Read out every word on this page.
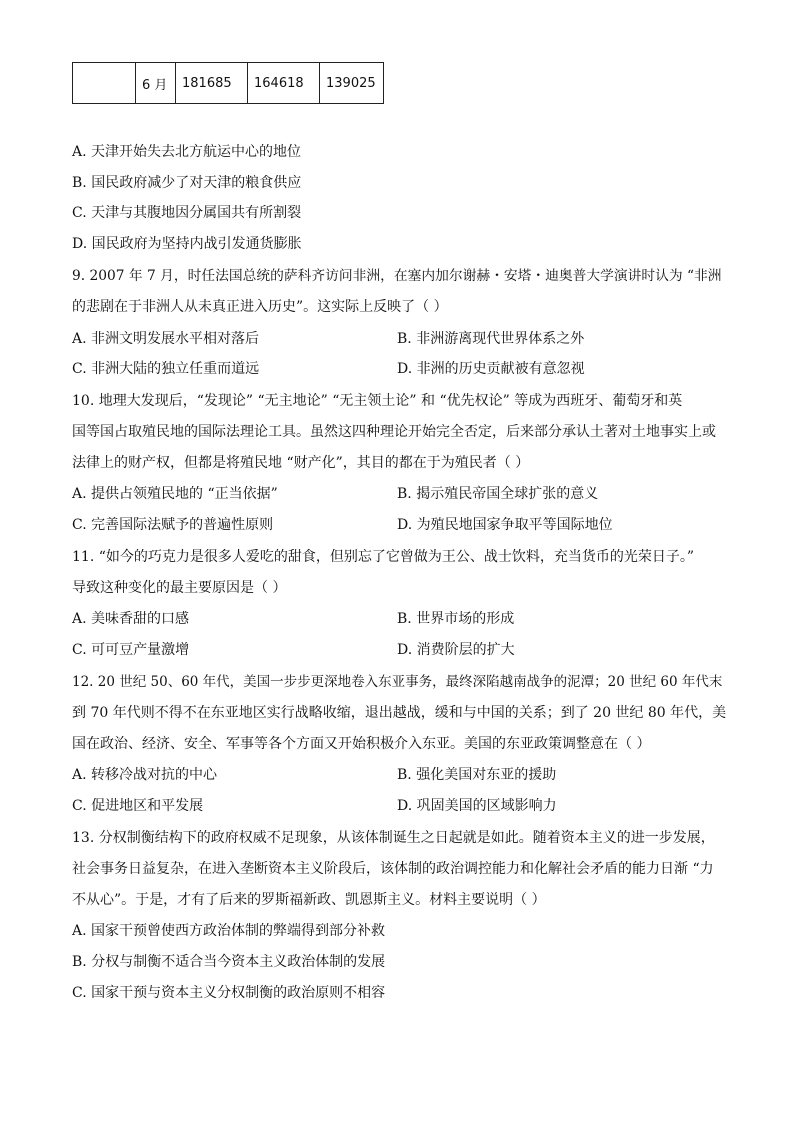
	6 月	181685	164618	139025
A. 天津开始失去北方航运中心的地位
B. 国民政府减少了对天津的粮食供应
C. 天津与其腹地因分属国共有所割裂
D. 国民政府为坚持内战引发通货膨胀
9. 2007 年 7 月，时任法国总统的萨科齐访问非洲，在塞内加尔谢赫・安塔・迪奥普大学演讲时认为 “非洲
的悲剧在于非洲人从未真正进入历史”。这实际上反映了（ ）
A. 非洲文明发展水平相对落后	B. 非洲游离现代世界体系之外
C. 非洲大陆的独立任重而道远	D. 非洲的历史贡献被有意忽视
10. 地理大发现后，“发现论” “无主地论” “无主领土论” 和 “优先权论” 等成为西班牙、葡萄牙和英
国等国占取殖民地的国际法理论工具。虽然这四种理论开始完全否定，后来部分承认土著对土地事实上或
法律上的财产权，但都是将殖民地 “财产化”，其目的都在于为殖民者（ ）
A. 提供占领殖民地的 “正当依据”	B. 揭示殖民帝国全球扩张的意义
C. 完善国际法赋予的普遍性原则	D. 为殖民地国家争取平等国际地位
11. “如今的巧克力是很多人爱吃的甜食，但别忘了它曾做为王公、战士饮料，充当货币的光荣日子。”
导致这种变化的最主要原因是（ ）
A. 美味香甜的口感	B. 世界市场的形成
C. 可可豆产量激增	D. 消费阶层的扩大
12. 20 世纪 50、60 年代，美国一步步更深地卷入东亚事务，最终深陷越南战争的泥潭；20 世纪 60 年代末
到 70 年代则不得不在东亚地区实行战略收缩，退出越战，缓和与中国的关系；到了 20 世纪 80 年代，美
国在政治、经济、安全、军事等各个方面又开始积极介入东亚。美国的东亚政策调整意在（ ）
A. 转移冷战对抗的中心	B. 强化美国对东亚的援助
C. 促进地区和平发展	D. 巩固美国的区域影响力
13. 分权制衡结构下的政府权威不足现象，从该体制诞生之日起就是如此。随着资本主义的进一步发展，
社会事务日益复杂，在进入垄断资本主义阶段后，该体制的政治调控能力和化解社会矛盾的能力日渐 “力
不从心”。于是，才有了后来的罗斯福新政、凯恩斯主义。材料主要说明（ ）
A. 国家干预曾使西方政治体制的弊端得到部分补救
B. 分权与制衡不适合当今资本主义政治体制的发展
C. 国家干预与资本主义分权制衡的政治原则不相容
